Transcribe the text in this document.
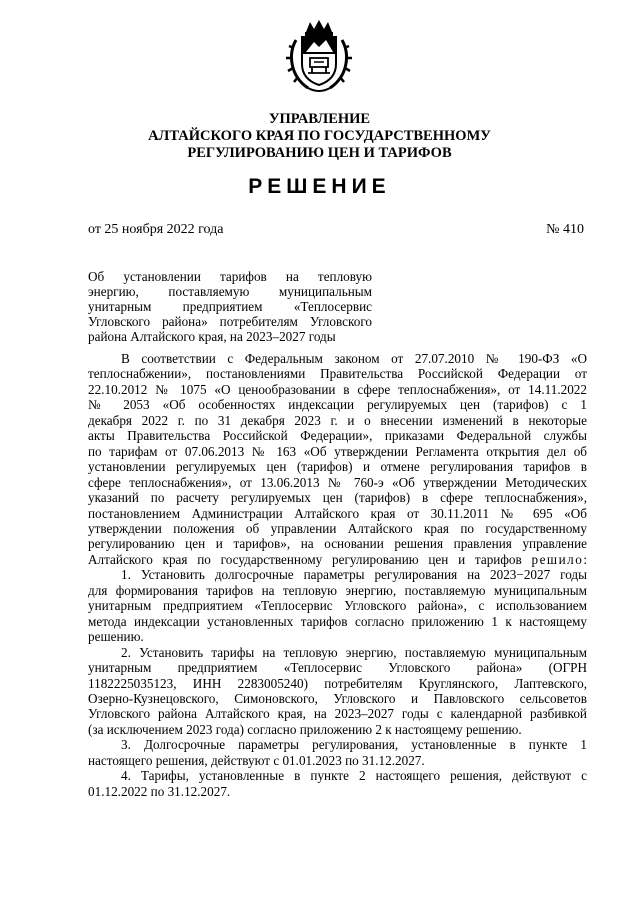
УПРАВЛЕНИЕ
АЛТАЙСКОГО КРАЯ ПО ГОСУДАРСТВЕННОМУ
РЕГУЛИРОВАНИЮ ЦЕН И ТАРИФОВ
РЕШЕНИЕ
от 25 ноября 2022 года	№ 410
Об установлении тарифов на тепловую
энергию, поставляемую муниципальным
унитарным предприятием «Теплосервис
Угловского района» потребителям Угловского
района Алтайского края, на 2023–2027 годы
В соответствии с Федеральным законом от 27.07.2010 № 190-ФЗ «О
теплоснабжении», постановлениями Правительства Российской Федерации от
22.10.2012 № 1075 «О ценообразовании в сфере теплоснабжения», от 14.11.2022
№ 2053 «Об особенностях индексации регулируемых цен (тарифов) с 1
декабря 2022 г. по 31 декабря 2023 г. и о внесении изменений в некоторые
акты Правительства Российской Федерации», приказами Федеральной службы
по тарифам от 07.06.2013 № 163 «Об утверждении Регламента открытия дел об
установлении регулируемых цен (тарифов) и отмене регулирования тарифов в
сфере теплоснабжения», от 13.06.2013 № 760-э «Об утверждении Методических
указаний по расчету регулируемых цен (тарифов) в сфере теплоснабжения»,
постановлением Администрации Алтайского края от 30.11.2011 № 695 «Об
утверждении положения об управлении Алтайского края по государственному
регулированию цен и тарифов», на основании решения правления управление
Алтайского края по государственному регулированию цен и тарифов решило:
1. Установить долгосрочные параметры регулирования на 2023−2027 годы
для формирования тарифов на тепловую энергию, поставляемую муниципальным
унитарным предприятием «Теплосервис Угловского района», с использованием
метода индексации установленных тарифов согласно приложению 1 к настоящему
решению.
2. Установить тарифы на тепловую энергию, поставляемую муниципальным
унитарным предприятием «Теплосервис Угловского района» (ОГРН
1182225035123, ИНН 2283005240) потребителям Круглянского, Лаптевского,
Озерно-Кузнецовского, Симоновского, Угловского и Павловского сельсоветов
Угловского района Алтайского края, на 2023–2027 годы с календарной разбивкой
(за исключением 2023 года) согласно приложению 2 к настоящему решению.
3. Долгосрочные параметры регулирования, установленные в пункте 1
настоящего решения, действуют с 01.01.2023 по 31.12.2027.
4. Тарифы, установленные в пункте 2 настоящего решения, действуют с
01.12.2022 по 31.12.2027.
